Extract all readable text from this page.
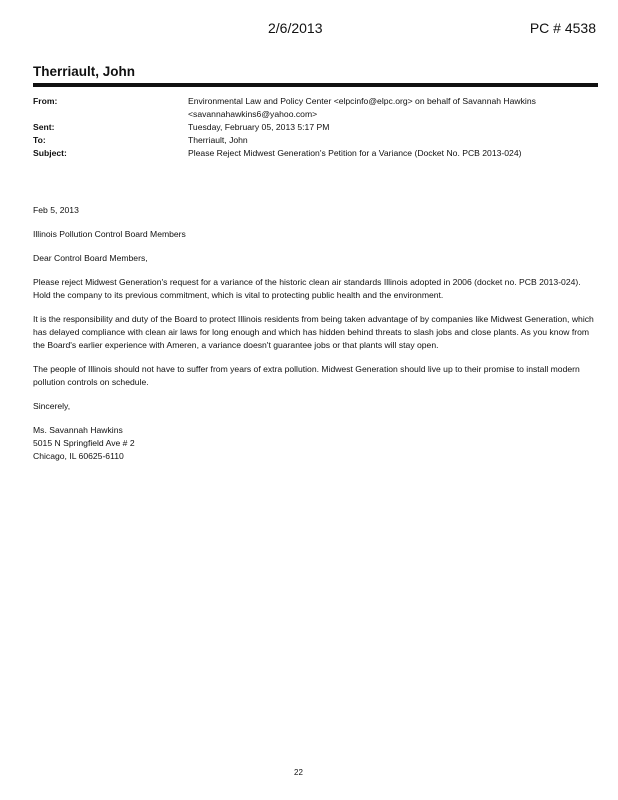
2/6/2013	PC # 4538
Therriault, John
From:	Environmental Law and Policy Center <elpcinfo@elpc.org> on behalf of Savannah Hawkins <savannahawkins6@yahoo.com>
Sent:	Tuesday, February 05, 2013 5:17 PM
To:	Therriault, John
Subject:	Please Reject Midwest Generation's Petition for a Variance (Docket No. PCB 2013-024)

Feb 5, 2013

Illinois Pollution Control Board Members

Dear Control Board Members,

Please reject Midwest Generation's request for a variance of the historic clean air standards Illinois adopted in 2006 (docket no. PCB 2013-024). Hold the company to its previous commitment, which is vital to protecting public health and the environment.

It is the responsibility and duty of the Board to protect Illinois residents from being taken advantage of by companies like Midwest Generation, which has delayed compliance with clean air laws for long enough and which has hidden behind threats to slash jobs and close plants. As you know from the Board's earlier experience with Ameren, a variance doesn't guarantee jobs or that plants will stay open.

The people of Illinois should not have to suffer from years of extra pollution. Midwest Generation should live up to their promise to install modern pollution controls on schedule.

Sincerely,

Ms. Savannah Hawkins
5015 N Springfield Ave # 2
Chicago, IL 60625-6110
22
